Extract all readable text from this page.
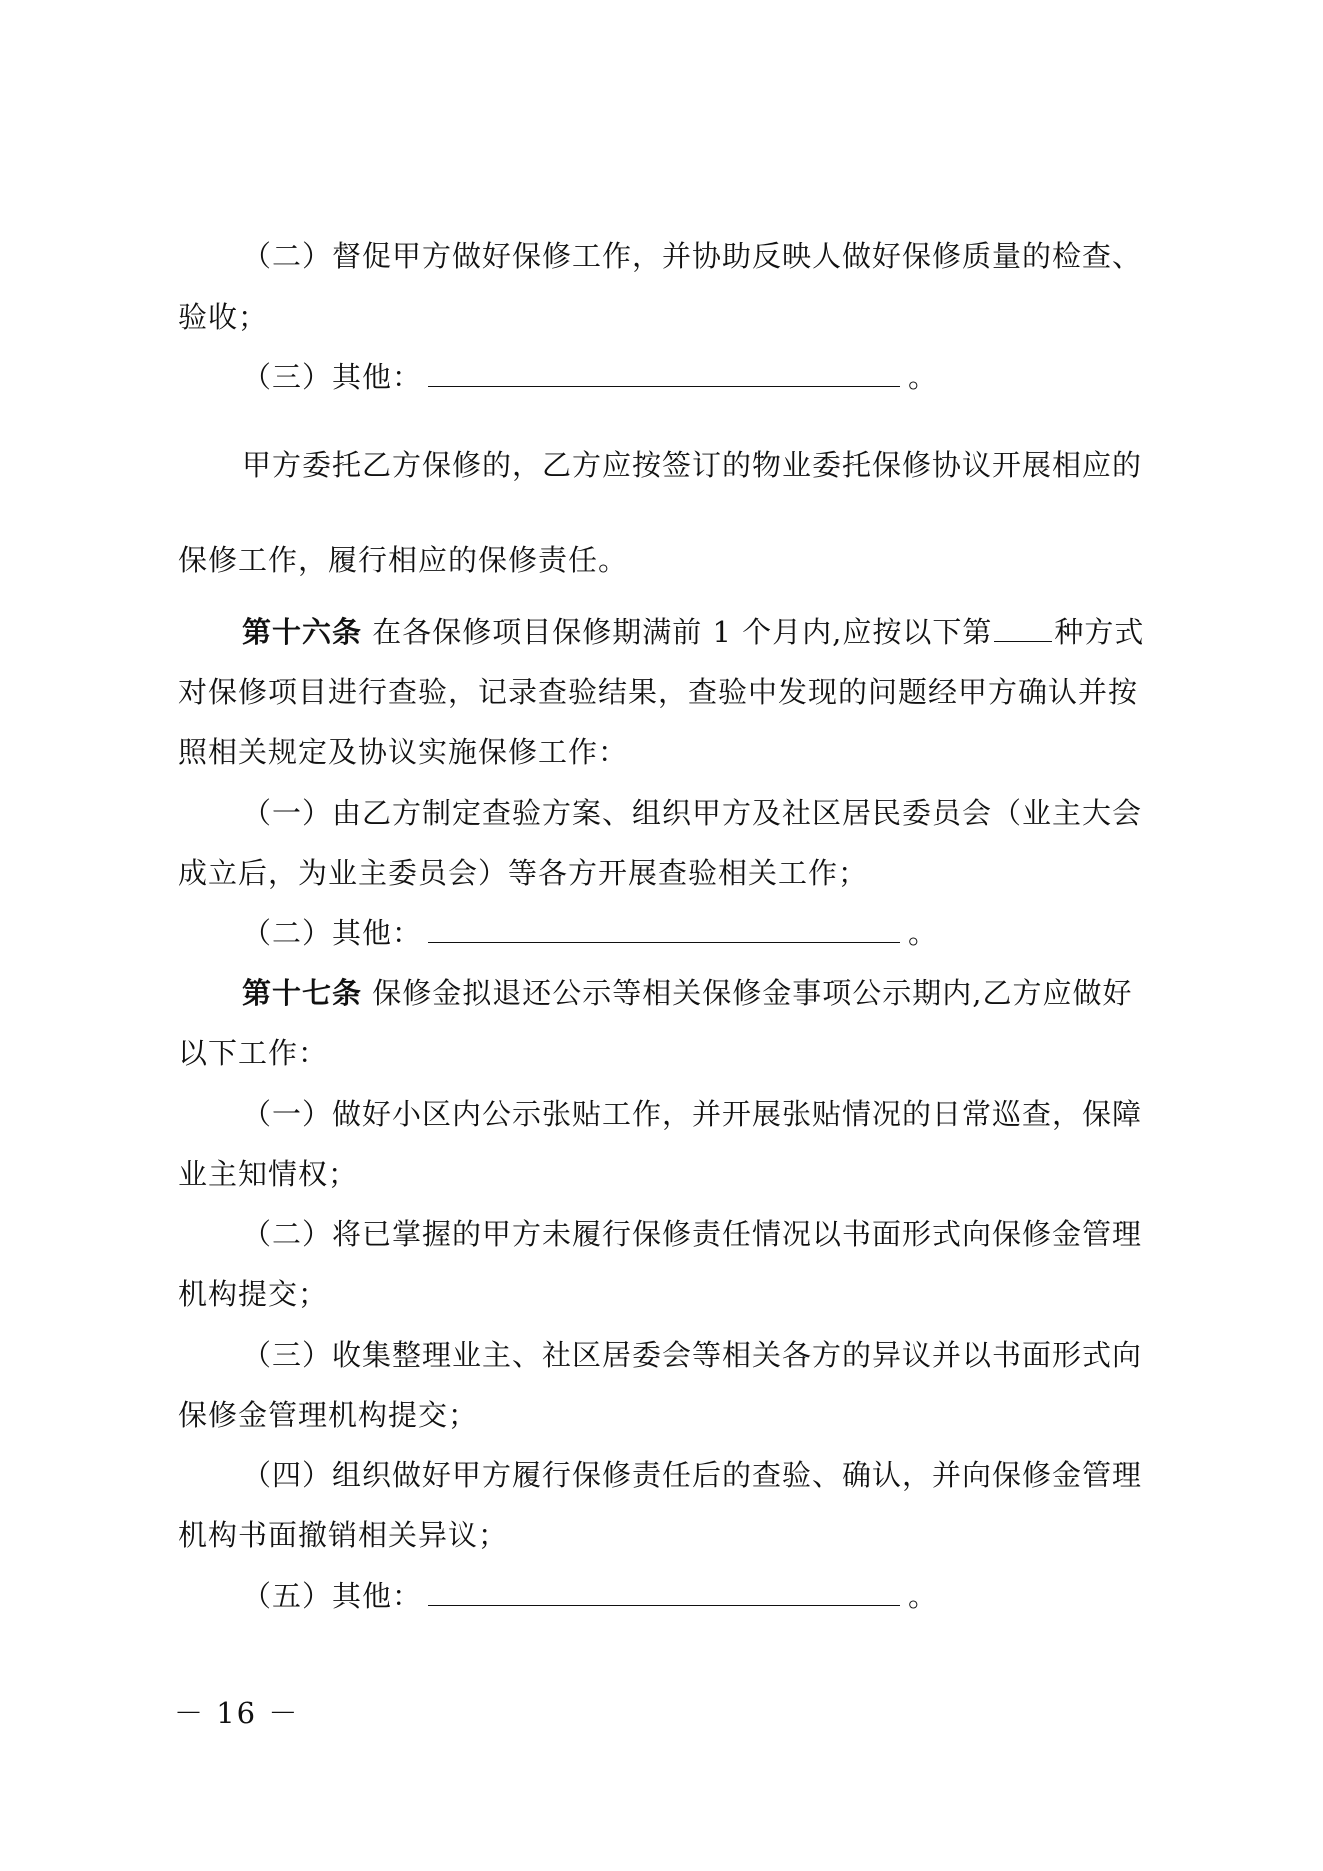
（二）督促甲方做好保修工作，并协助反映人做好保修质量的检查、
验收；
（三）其他：	。
甲方委托乙方保修的，乙方应按签订的物业委托保修协议开展相应的
保修工作，履行相应的保修责任。
第十六条 在各保修项目保修期满前 1 个月内,应按以下第 种方式
对保修项目进行查验，记录查验结果，查验中发现的问题经甲方确认并按
照相关规定及协议实施保修工作：
（一）由乙方制定查验方案、组织甲方及社区居民委员会（业主大会
成立后，为业主委员会）等各方开展查验相关工作；
（二）其他：	。
第十七条 保修金拟退还公示等相关保修金事项公示期内,乙方应做好
以下工作：
（一）做好小区内公示张贴工作，并开展张贴情况的日常巡查，保障
业主知情权；
（二）将已掌握的甲方未履行保修责任情况以书面形式向保修金管理
机构提交；
（三）收集整理业主、社区居委会等相关各方的异议并以书面形式向
保修金管理机构提交；
（四）组织做好甲方履行保修责任后的查验、确认，并向保修金管理
机构书面撤销相关异议；
（五）其他：	。
－ 16 －
